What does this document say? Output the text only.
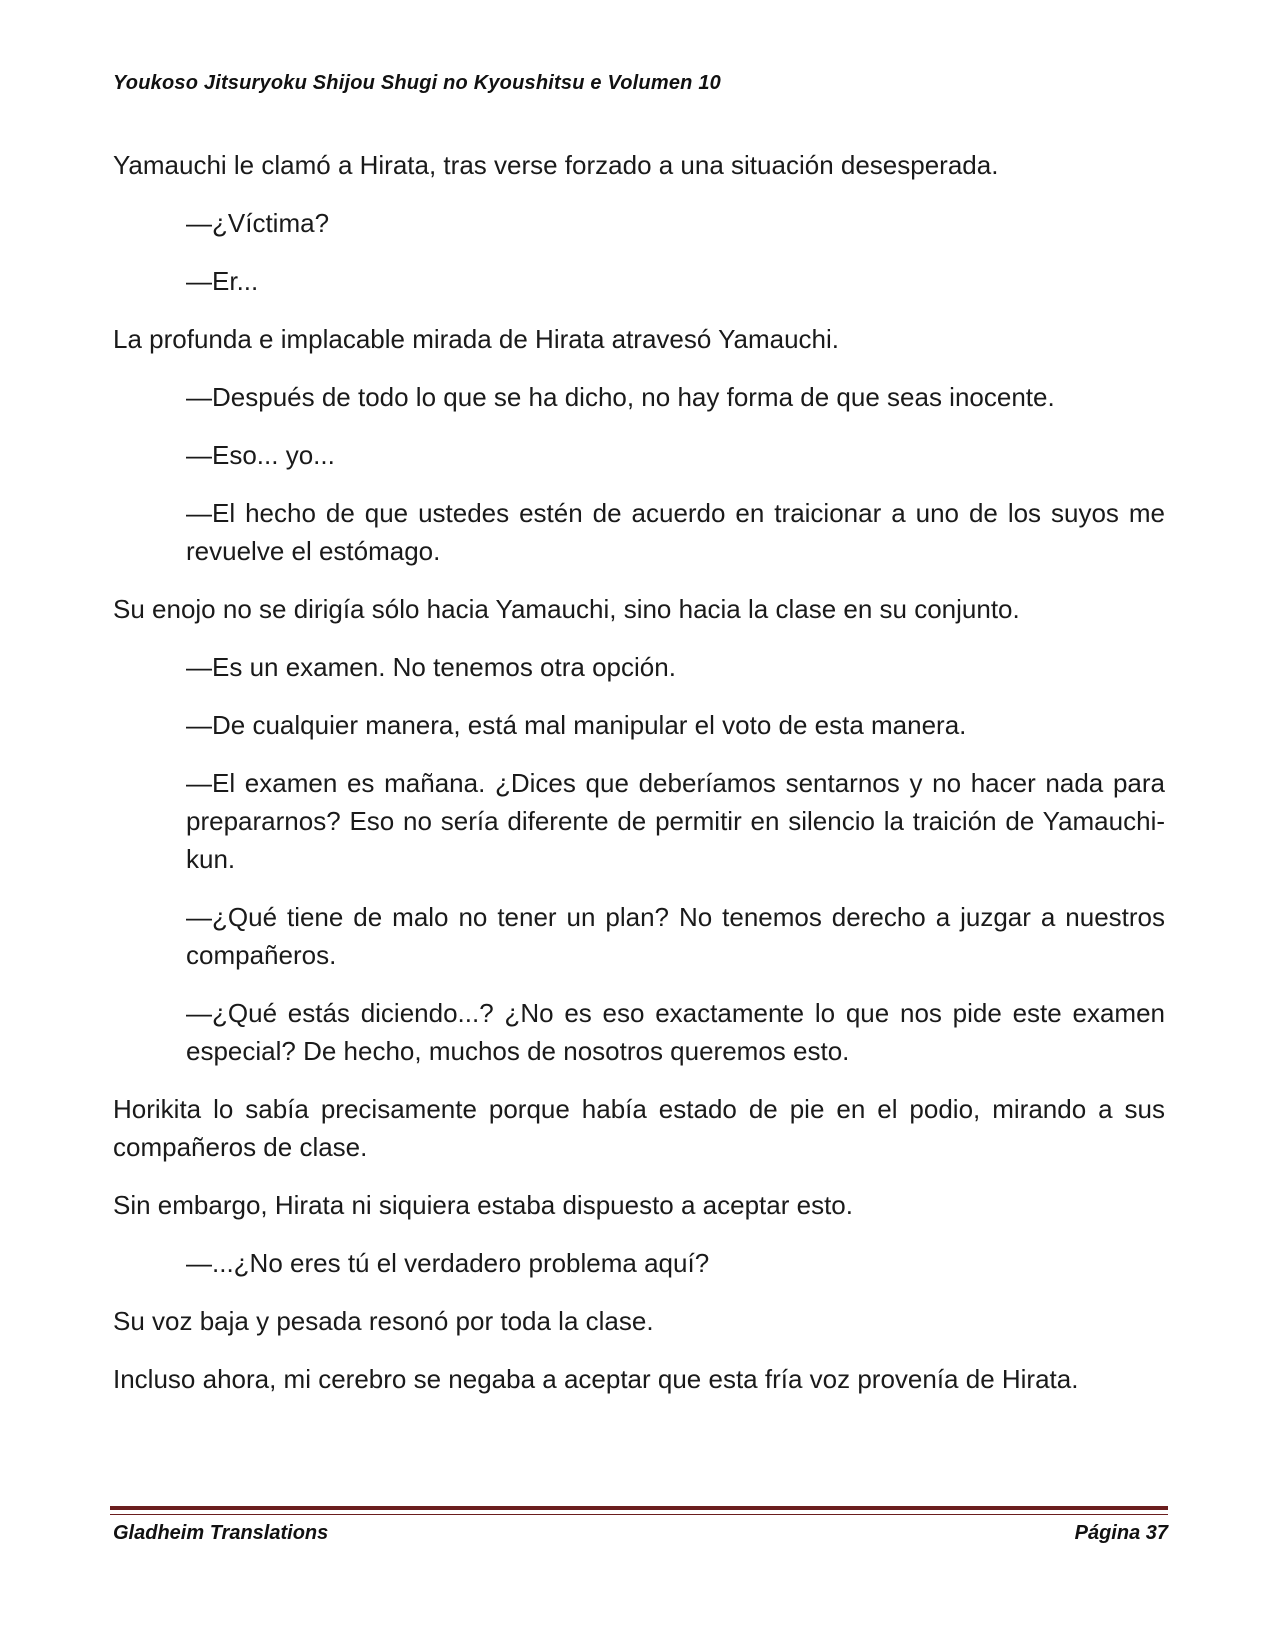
Youkoso Jitsuryoku Shijou Shugi no Kyoushitsu e Volumen 10

Yamauchi le clamó a Hirata, tras verse forzado a una situación desesperada.

—¿Víctima?

—Er...

La profunda e implacable mirada de Hirata atravesó Yamauchi.

—Después de todo lo que se ha dicho, no hay forma de que seas inocente.

—Eso... yo...

—El hecho de que ustedes estén de acuerdo en traicionar a uno de los suyos me revuelve el estómago.

Su enojo no se dirigía sólo hacia Yamauchi, sino hacia la clase en su conjunto.

—Es un examen. No tenemos otra opción.

—De cualquier manera, está mal manipular el voto de esta manera.

—El examen es mañana. ¿Dices que deberíamos sentarnos y no hacer nada para prepararnos? Eso no sería diferente de permitir en silencio la traición de Yamauchi-kun.

—¿Qué tiene de malo no tener un plan? No tenemos derecho a juzgar a nuestros compañeros.

—¿Qué estás diciendo...? ¿No es eso exactamente lo que nos pide este examen especial? De hecho, muchos de nosotros queremos esto.

Horikita lo sabía precisamente porque había estado de pie en el podio, mirando a sus compañeros de clase.

Sin embargo, Hirata ni siquiera estaba dispuesto a aceptar esto.

—...¿No eres tú el verdadero problema aquí?

Su voz baja y pesada resonó por toda la clase.

Incluso ahora, mi cerebro se negaba a aceptar que esta fría voz provenía de Hirata.

Gladheim Translations	Página 37
